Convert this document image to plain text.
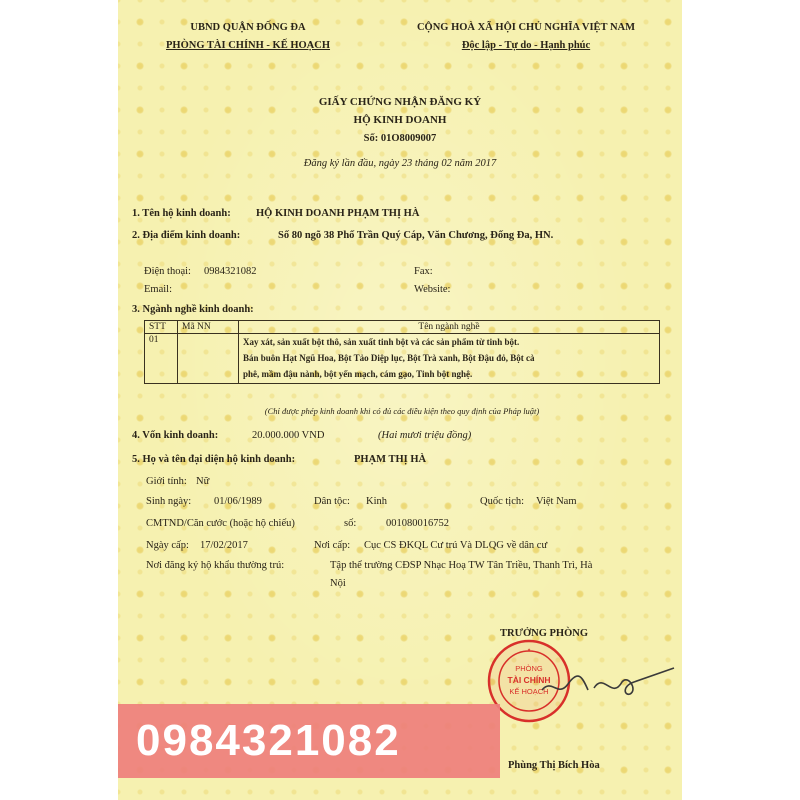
UBND QUẬN ĐỐNG ĐA
PHÒNG TÀI CHÍNH - KẾ HOẠCH
CỘNG HOÀ XÃ HỘI CHỦ NGHĨA VIỆT NAM
Độc lập - Tự do - Hạnh phúc
GIẤY CHỨNG NHẬN ĐĂNG KÝ
HỘ KINH DOANH
Số: 01O8009007
Đăng ký lần đầu, ngày 23 tháng 02 năm 2017
1. Tên hộ kinh doanh: HỘ KINH DOANH PHẠM THỊ HÀ
2. Địa điểm kinh doanh:	Số 80 ngõ 38 Phố Trần Quý Cáp, Văn Chương, Đống Đa, HN.
Điện thoại: 0984321082	Fax:
Email:	Website:
3. Ngành nghề kinh doanh:
STT	Mã NN	Tên ngành nghề
01		Xay xát, sản xuất bột thô, sản xuất tinh bột và các sản phẩm từ tinh bột.
Bán buôn Hạt Ngũ Hoa, Bột Tảo Diệp lục, Bột Trà xanh, Bột Đậu đỏ, Bột cà
phê, mầm đậu nành, bột yến mạch, cám gạo, Tinh bột nghệ.
(Chỉ được phép kinh doanh khi có đủ các điều kiện theo quy định của Pháp luật)
4. Vốn kinh doanh:	20.000.000 VND	(Hai mươi triệu đồng)
5. Họ và tên đại diện hộ kinh doanh:	PHẠM THỊ HÀ
Giới tính: Nữ
Sinh ngày: 01/06/1989	Dân tộc: Kinh	Quốc tịch: Việt Nam
CMTND/Căn cước (hoặc hộ chiếu)	số:	001080016752
Ngày cấp: 17/02/2017	Nơi cấp: Cục CS ĐKQL Cư trú Và DLQG về dân cư
Nơi đăng ký hộ khẩu thường trú:	Tập thể trường CĐSP Nhạc Hoạ TW Tân Triều, Thanh Trì, Hà
Nội
TRƯỞNG PHÒNG
PHÒNG
TÀI CHÍNH
KẾ HOẠCH
★
Phùng Thị Bích Hòa
0984321082
